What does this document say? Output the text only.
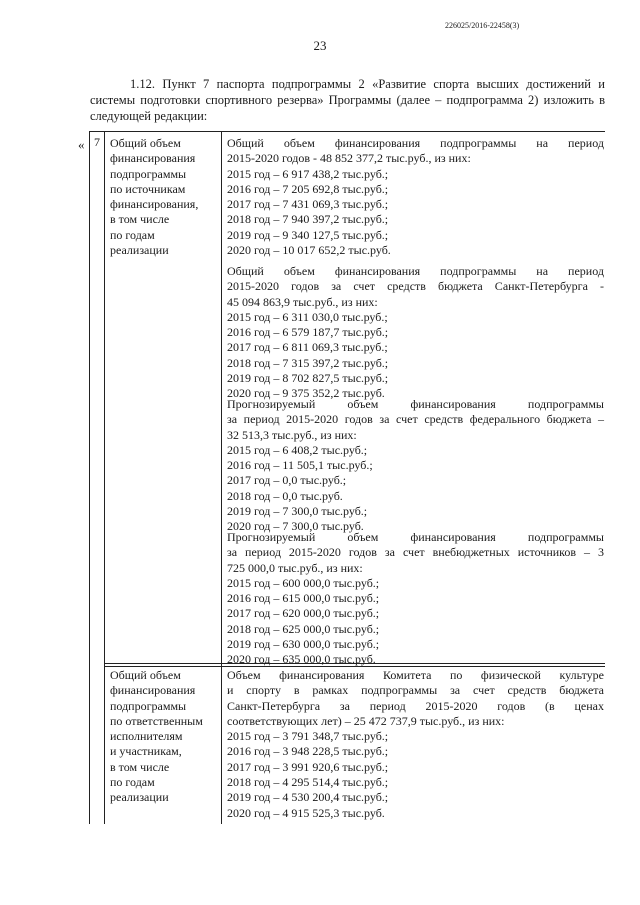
226025/2016-22458(3)
23

1.12. Пункт 7 паспорта подпрограммы 2 «Развитие спорта высших достижений и системы подготовки спортивного резерва» Программы (далее – подпрограмма 2) изложить в следующей редакции:

« 7 Общий объем
финансирования
подпрограммы
по источникам
финансирования,
в том числе
по годам
реализации
Общий объем финансирования подпрограммы на период
2015-2020 годов - 48 852 377,2 тыс.руб., из них:
2015 год – 6 917 438,2 тыс.руб.;
2016 год – 7 205 692,8 тыс.руб.;
2017 год – 7 431 069,3 тыс.руб.;
2018 год – 7 940 397,2 тыс.руб.;
2019 год – 9 340 127,5 тыс.руб.;
2020 год – 10 017 652,2 тыс.руб.
Общий объем финансирования подпрограммы на период
2015-2020 годов за счет средств бюджета Санкт-Петербурга -
45 094 863,9 тыс.руб., из них:
2015 год – 6 311 030,0 тыс.руб.;
2016 год – 6 579 187,7 тыс.руб.;
2017 год – 6 811 069,3 тыс.руб.;
2018 год – 7 315 397,2 тыс.руб.;
2019 год – 8 702 827,5 тыс.руб.;
2020 год – 9 375 352,2 тыс.руб.
Прогнозируемый объем финансирования подпрограммы
за период 2015-2020 годов за счет средств федерального бюджета –
32 513,3 тыс.руб., из них:
2015 год – 6 408,2 тыс.руб.;
2016 год – 11 505,1 тыс.руб.;
2017 год – 0,0 тыс.руб.;
2018 год – 0,0 тыс.руб.
2019 год – 7 300,0 тыс.руб.;
2020 год – 7 300,0 тыс.руб.
Прогнозируемый объем финансирования подпрограммы
за период 2015-2020 годов за счет внебюджетных источников – 3
725 000,0 тыс.руб., из них:
2015 год – 600 000,0 тыс.руб.;
2016 год – 615 000,0 тыс.руб.;
2017 год – 620 000,0 тыс.руб.;
2018 год – 625 000,0 тыс.руб.;
2019 год – 630 000,0 тыс.руб.;
2020 год – 635 000,0 тыс.руб.
Общий объем
финансирования
подпрограммы
по ответственным
исполнителям
и участникам,
в том числе
по годам
реализации
Объем финансирования Комитета по физической культуре
и спорту в рамках подпрограммы за счет средств бюджета
Санкт-Петербурга за период 2015-2020 годов (в ценах
соответствующих лет) – 25 472 737,9 тыс.руб., из них:
2015 год – 3 791 348,7 тыс.руб.;
2016 год – 3 948 228,5 тыс.руб.;
2017 год – 3 991 920,6 тыс.руб.;
2018 год – 4 295 514,4 тыс.руб.;
2019 год – 4 530 200,4 тыс.руб.;
2020 год – 4 915 525,3 тыс.руб.
